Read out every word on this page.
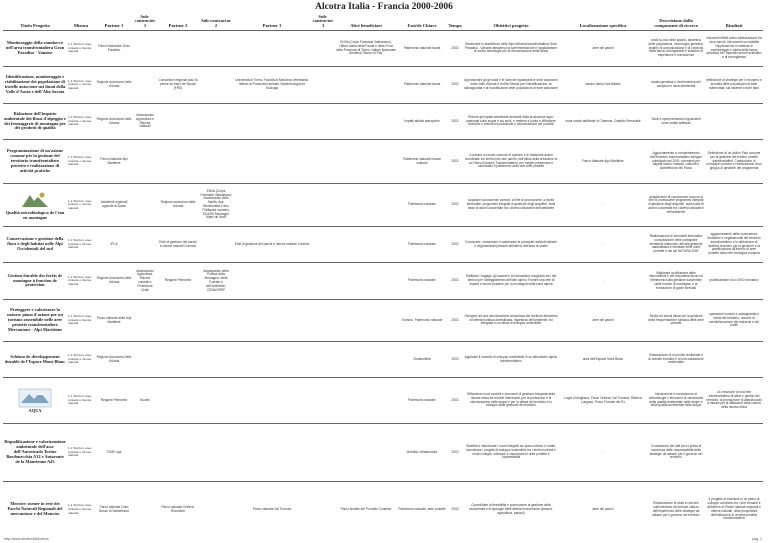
Alcotra Italia - Francia 2000-2006
Titolo Progetto	Misura	Partner 1	Sub-contractor 1	Partner 2	Sub-contractor 2	Partner 3	Sub-contractor 3	Altri beneficiari	Fasi/de Chiave	Tempo	Obiettivi progetto	Localizzazione specifica	Descrizione dalla componente di ricerca	Risultati
Monitoraggio della stambecco nell'area transfrontaliera Gran Paradiso - Vanoise	1.1 Territori, aree protette e risorse naturali	Parco Nazionale Gran Paradiso						ENVA (Corps Forestale Valdostano), Ufficio tutela della Fauna e della Flora della Provincia di Torino, Istituto Nazionale Genetica "Marco di Pay"	Patrimonio naturale fauna	2002	Monitorare lo stambecco delle Alpi nell'area transfrontaliera Gran Paradiso - Vanoise attraverso la sperimentazione e l'applicazione di nuove tecnologie per la conservazione della fauna	aree dei parchi	studi su uso dello spazio, dinamica delle popolazioni, morfologia, genetica, sistemi di comunicazione e di controllo della fauna; divulgazione e scambio di esperienze e conoscenze	Interventi effetti sulla collaborazione tra i due parchi; rilevamenti sui stabilite l'applicazione in materia di monitoraggio e tutela della fauna selvatica tra i rispettivi servizi scientifici e di sorveglianza
Identificazione, monitoraggio e riabilitazione dei popolazione di trotelle autoctone nei fiumi della Valle d'Aosta e dell'Alta Savoia	1.1 Territori, aree protette e risorse naturali	Regione Autonoma Valle d'Aosta		Consortium régional pour la pêche en eaux de Savoie (FRS)		Università di Torino, Facoltà di Medicina Veterinaria, Istituto di Produzioni animali, Epidemiologia ed Ecologia			Patrimonio naturale fauna	2002	Approfondire gli gli studi e le ricerche riguardanti le trote autoctone della Valle d'Aosta e di Alta Savoia per l'identificazione, la salvaguardia e la ricostituzione delle popolazioni di trote autoctone	bacino della Dora Baltea	analisi genetica e morfometrica dei campioni e studi ambientali	definizione di strategie per il recupero e la tutela delle popolazioni di trote marmorata, sia insieme a trote fario
Riduzione dell'impatto ambientale dei flussi d'alpeggio e dei fromaggerie di montagna per dei prodotti di qualità	1.1 Territori, aree protette e risorse naturali	Regione Autonoma Valle d'Aosta	Assessorato Agricoltura e Risorse Naturali						Impatti attività antropiche	2002	Ridurre gli impatti ambientali derivanti dalla produzione agro-pastorale sulle acque e sui suoli, e mettere a punto e diffondere tecniche e metodi di produzione e valorizzazione dei prodotti	zona umida artificiale di Chamois, Castello Serravalle	Studi e sperimentazioni riguardanti zone umide artificiali	
Programmazione di un'azione comune per la gestione del territorio transfrontaliero protetto e realizzazione di attività pratiche	1.1 Territori, aree protette e risorse naturali	Parco Naturale Alpi Marittime							Patrimonio naturale risorse culturali	2002	Costruire un modo comune di operare e di realizzare azioni coordinate sui territori dei due parchi, nell'ottica della creazione di un Parco Europeo Transfrontaliero, per meglio preservare e valorizzare il patrimonio della due aree protette	Parco Naturale Alpi Marittime	Aggiornamento e completamento dell'itinerario transfrontaliero bilingue pubblicato nel 2001; strumenti per aspetti storici, naturali, culturali e architettonici del Parco	Definizione di un Action Plan comune per la gestione dei territori protetti transfrontalieri. Costituzione di un'equipe comune e realizzazione di un gruppo di gestione del programma

Qualità microbiologica de l'eau en montagne	1.1 Territori, aree protette e risorse naturali	Assistenti regionali agricole di Aosta		Regione autonoma Valle d'Aosta	ENVA (Corps Forestale Valdostano) Assessorato della Sanità, Ass. Biodiversità e des Politiques sociales, DDASS Montagne Alpes du Nord				Patrimonio naturale	2002	Acquisire conoscenze comuni, al fine di promuovere, a livello territoriale, programmi integrati di gestione degli acquiferi, sulla base di azioni concertate tra i diversi utilizzatori dell'ambiente	-	acquisizione di conoscenze comuni al fine di promuovere programmi integrati di gestione degli acquiferi, sulla base di azioni concertate tra i diversi utilizzatori dell'ambiente	
Conservazione e gestione della flora e degli habitat nelle Alpi Occidentali del sud	1.1 Territori, aree protette e risorse naturali	IPLA		Ente di gestione dei parchi e riserve naturali Cuneesi		Ente di gestione dei parchi e riserve naturali Cuneesi			Patrimonio naturale	2002	Conoscere, conservare e valorizzare le principali realtà floristiche e vegetazionali presenti all'interno dell'area di studio	-	Realizzazione di strumenti informatici consultazione delle cartografie tematiche elaborate; atti alla gestione naturalistica e forestale delle zone protette e dei siti NATURA 2000	aggiornamento delle conoscenze floristiche e vegetazionali del territorio transfrontaliero e lo definizione di direttive tecniche per la gestione e la pianificazione all'interno di aree protette della rete ecologica europea
Gestion durable des forêts de montagne à fonction de protection	1.1 Territori, aree protette e risorse naturali	Regione Autonoma Valle d'Aosta	Assessorato Agricoltura, Risorse naturali e Protezione Civile	Regione Piemonte	Assessorato della Politica della Montagna, della Foreste e dell'Ambiente, CEMAGREF				Patrimonio naturale	2003	Raffinare i bagagli, gli scambi e la formazione congiunta tra i dei territori per l'atteggiamento dell'alto alpino. Fornire una rete di esperti e buone pratiche per la montagna nella zona alpina	-	Migliorare la diffusione delle informazioni e dei documenti tecnici di riferimento sulla gestione sostenibile delle foreste di montagna, e la formazione di guide forestali	pubblicazione di un DVD formativo
Proteggere e valorizzare la natura: piano d'azione per un turismo sostenibile nelle aree protette transfrontaliere Mercantour - Alpi Marittime	1.1 Territori, aree protette e risorse naturali	Parco naturale delle Alpi Marittime							Turismo, Patrimonio naturale	2003	Giungere ad una valorizzazione armoniosa del territorio attraverso un'offerta turistica diversificata, rispettosa dell'ambiente, ed integrata in un'ottica di sviluppo sostenibile	aree dei parchi	Studio ed azioni pilota per la gestione della frequentazione turistica delle aree protette	operazioni comuni e salvaguardia e tutela del territorio, nonché di sensibilizzazione dei residenti e dei turisti
Schéma de développement durable de l'Espace Mont-Blanc	1.1 Territori, aree protette e risorse naturali	Regione Autonoma Valle d'Aosta							Sostenibilità	2003	Applicare il modello di sviluppo sostenibile in un laboratorio alpino transfrontaliero	area dell'Espace Mont Blanc	Elaborazione di un profilo territoriale e di scenari evolutivi e di una valutazione ambientale	

AQUA	1.1 Territori, aree protette e risorse naturali	Regione Piemonte	Nucleo						Patrimonio naturale	2003	Diffondere nuovi modelli e strumenti di gestione integrata della risorsa idrica tra territori interessati, per la protezione e la valorizzazione delle acque e per la difesa del territorio e lo sviluppo della gestione del territorio	Laghi di Avigliana, Parco Orsiera, Val Troncea, Riserva Lungasu, Parco Fluviale del Po	Introduzione e condivisione di metodologie e strumenti di valutazione della qualità ambientale nelle acque e della qualità ambientale delle acque	La creazione di una rete transfrontaliera di attori e gestori del territorio; la promozione di attività locali a misura per la diffusione della cultura della risorsa idrica
Riqualificazione e valorizzazione ambientale dell'asse dell'Autostrada Torino Bardonecchia A32 e Autoroute de la Maurienne A43	1.1 Territori, aree protette e risorse naturali	SITAF spa							Mobilità, infrastrutture	2003	Stabilire e valorizzare i nuovi integrati sul piano urbano e rurale; incentivare i progetti di sviluppo sostenibile tra i territori urbani e rurali contigui; orientare e valorizzare le aree protette e l'accessibilità	-	Condivisione dei dati per la presa di coscienza delle responsabilità delle strategie da attuare per il governo del territorio	
Mercier: mener in rete dei Parchi Naturali Regionali del mercantour e del Monviso	1.1 Territori, aree protette e risorse naturali	Parco naturale Gran Bosco di Salbertrand		Parco naturale Orsiera-Rocciavrè		Parco naturale Val Troncea		Parco fluviale del Po tratto Cuneese	Patrimonio naturale, aree protette	2003	Consolidare la flessibilità e promuovere la gestione delle biodiversità e le tipologie delle attività economiche (turismo, agricoltura, pascoli)	aree dei parchi	Realizzazione di studi e ricerche sull'inventario dei territori utilizzo dell'esperienza delle strategie da attuare per il governo del territorio	Il progetto si inserisce in un piano di sviluppo condiviso tra i due versanti e all'interno di Parchi naturali regionali e riserve naturali, nella prospettiva dell'istituzione di un'area protetta transfrontaliera
http://www.alcotra.it/it/ricerca	pag. 1
